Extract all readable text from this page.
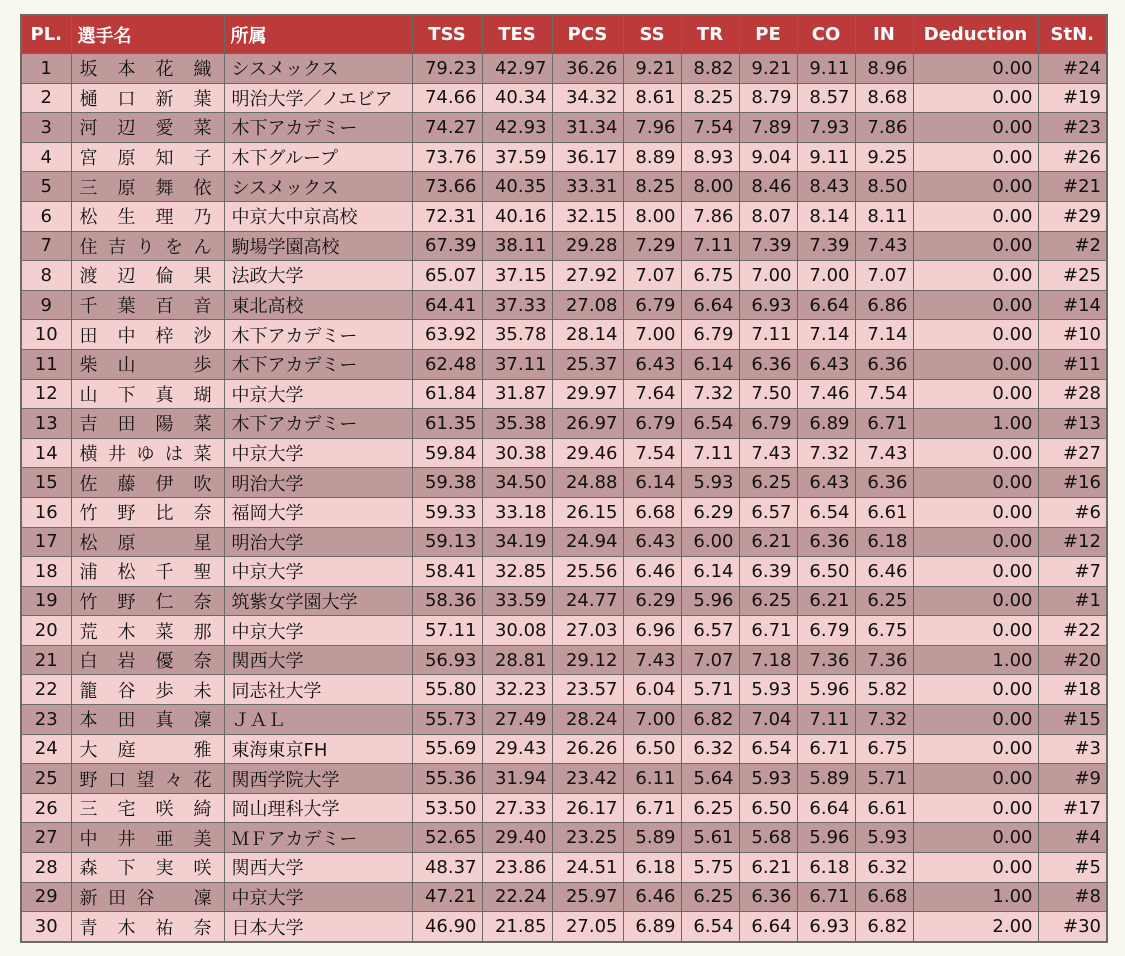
PL.	選手名	所属	TSS	TES	PCS	SS	TR	PE	CO	IN	Deduction	StN.
1	坂本花織	シスメックス	79.23	42.97	36.26	9.21	8.82	9.21	9.11	8.96	0.00	#24
2	樋口新葉	明治大学／ノエビア	74.66	40.34	34.32	8.61	8.25	8.79	8.57	8.68	0.00	#19
3	河辺愛菜	木下アカデミー	74.27	42.93	31.34	7.96	7.54	7.89	7.93	7.86	0.00	#23
4	宮原知子	木下グループ	73.76	37.59	36.17	8.89	8.93	9.04	9.11	9.25	0.00	#26
5	三原舞依	シスメックス	73.66	40.35	33.31	8.25	8.00	8.46	8.43	8.50	0.00	#21
6	松生理乃	中京大中京高校	72.31	40.16	32.15	8.00	7.86	8.07	8.14	8.11	0.00	#29
7	住吉りをん	駒場学園高校	67.39	38.11	29.28	7.29	7.11	7.39	7.39	7.43	0.00	#2
8	渡辺倫果	法政大学	65.07	37.15	27.92	7.07	6.75	7.00	7.00	7.07	0.00	#25
9	千葉百音	東北高校	64.41	37.33	27.08	6.79	6.64	6.93	6.64	6.86	0.00	#14
10	田中梓沙	木下アカデミー	63.92	35.78	28.14	7.00	6.79	7.11	7.14	7.14	0.00	#10
11	柴山　歩	木下アカデミー	62.48	37.11	25.37	6.43	6.14	6.36	6.43	6.36	0.00	#11
12	山下真瑚	中京大学	61.84	31.87	29.97	7.64	7.32	7.50	7.46	7.54	0.00	#28
13	吉田陽菜	木下アカデミー	61.35	35.38	26.97	6.79	6.54	6.79	6.89	6.71	1.00	#13
14	横井ゆは菜	中京大学	59.84	30.38	29.46	7.54	7.11	7.43	7.32	7.43	0.00	#27
15	佐藤伊吹	明治大学	59.38	34.50	24.88	6.14	5.93	6.25	6.43	6.36	0.00	#16
16	竹野比奈	福岡大学	59.33	33.18	26.15	6.68	6.29	6.57	6.54	6.61	0.00	#6
17	松原　星	明治大学	59.13	34.19	24.94	6.43	6.00	6.21	6.36	6.18	0.00	#12
18	浦松千聖	中京大学	58.41	32.85	25.56	6.46	6.14	6.39	6.50	6.46	0.00	#7
19	竹野仁奈	筑紫女学園大学	58.36	33.59	24.77	6.29	5.96	6.25	6.21	6.25	0.00	#1
20	荒木菜那	中京大学	57.11	30.08	27.03	6.96	6.57	6.71	6.79	6.75	0.00	#22
21	白岩優奈	関西大学	56.93	28.81	29.12	7.43	7.07	7.18	7.36	7.36	1.00	#20
22	籠谷歩未	同志社大学	55.80	32.23	23.57	6.04	5.71	5.93	5.96	5.82	0.00	#18
23	本田真凜	ＪＡＬ	55.73	27.49	28.24	7.00	6.82	7.04	7.11	7.32	0.00	#15
24	大庭　雅	東海東京FH	55.69	29.43	26.26	6.50	6.32	6.54	6.71	6.75	0.00	#3
25	野口望々花	関西学院大学	55.36	31.94	23.42	6.11	5.64	5.93	5.89	5.71	0.00	#9
26	三宅咲綺	岡山理科大学	53.50	27.33	26.17	6.71	6.25	6.50	6.64	6.61	0.00	#17
27	中井亜美	ＭＦアカデミー	52.65	29.40	23.25	5.89	5.61	5.68	5.96	5.93	0.00	#4
28	森下実咲	関西大学	48.37	23.86	24.51	6.18	5.75	6.21	6.18	6.32	0.00	#5
29	新田谷　凜	中京大学	47.21	22.24	25.97	6.46	6.25	6.36	6.71	6.68	1.00	#8
30	青木祐奈	日本大学	46.90	21.85	27.05	6.89	6.54	6.64	6.93	6.82	2.00	#30
